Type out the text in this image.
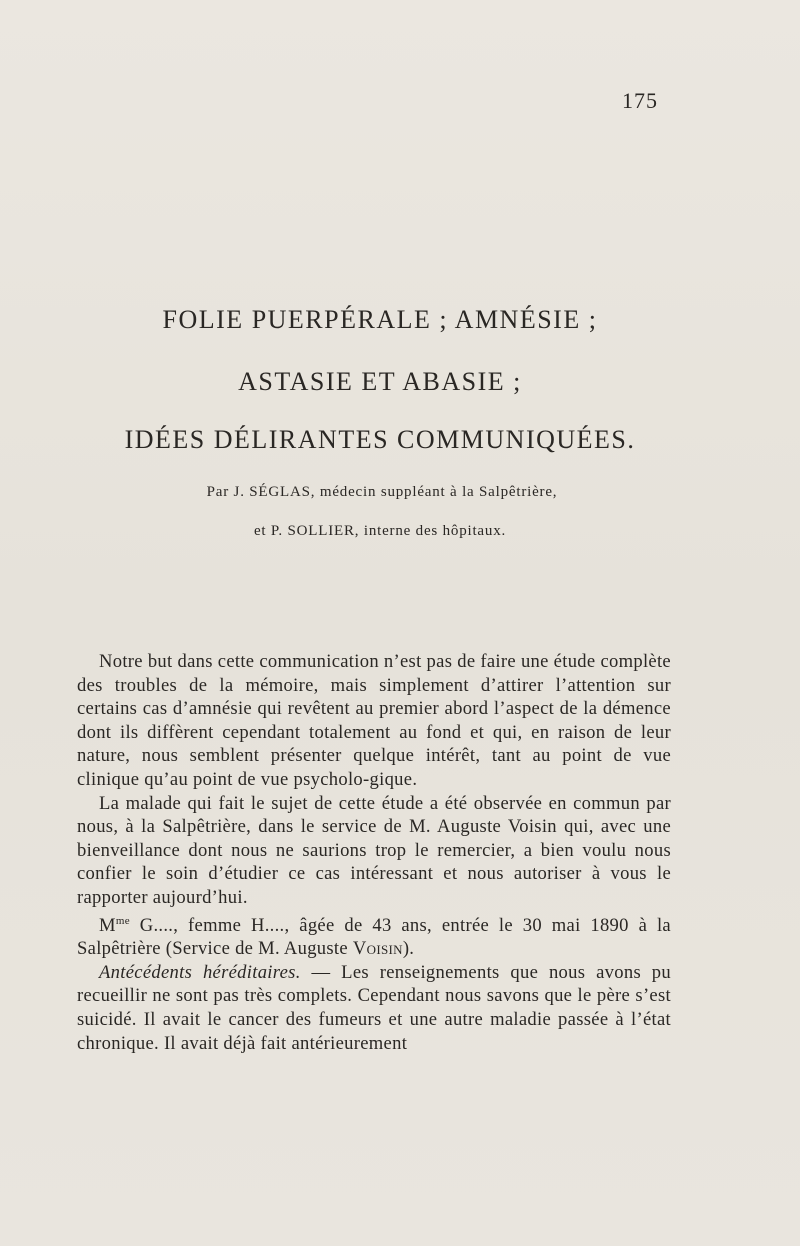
175
FOLIE PUERPÉRALE ; AMNÉSIE ;
ASTASIE ET ABASIE ;
IDÉES DÉLIRANTES COMMUNIQUÉES.
Par J. SÉGLAS, médecin suppléant à la Salpêtrière,
et P. SOLLIER, interne des hôpitaux.

Notre but dans cette communication n’est pas de faire une étude complète des troubles de la mémoire, mais simplement d’attirer l’attention sur certains cas d’amnésie qui revêtent au premier abord l’aspect de la démence dont ils diffèrent cependant totalement au fond et qui, en raison de leur nature, nous semblent présenter quelque intérêt, tant au point de vue clinique qu’au point de vue psycholo-gique.

La malade qui fait le sujet de cette étude a été observée en commun par nous, à la Salpêtrière, dans le service de M. Auguste Voisin qui, avec une bienveillance dont nous ne saurions trop le remercier, a bien voulu nous confier le soin d’étudier ce cas intéressant et nous autoriser à vous le rapporter aujourd’hui.

$M^{me}$ G...., femme H...., âgée de 43 ans, entrée le 30 mai 1890 à la Salpêtrière (Service de M. Auguste Voisin).

Antécédents héréditaires. — Les renseignements que nous avons pu recueillir ne sont pas très complets. Cependant nous savons que le père s’est suicidé. Il avait le cancer des fumeurs et une autre maladie passée à l’état chronique. Il avait déjà fait antérieurement
